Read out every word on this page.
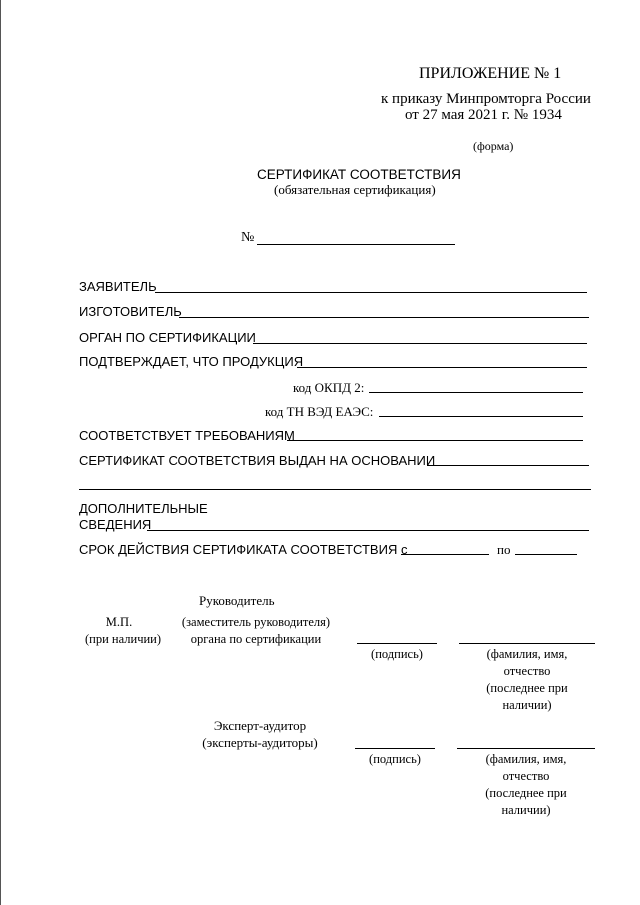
ПРИЛОЖЕНИЕ № 1
к приказу Минпромторга России
от 27 мая 2021 г. № 1934
(форма)
СЕРТИФИКАТ СООТВЕТСТВИЯ
(обязательная сертификация)
№
ЗАЯВИТЕЛЬ
ИЗГОТОВИТЕЛЬ
ОРГАН ПО СЕРТИФИКАЦИИ
ПОДТВЕРЖДАЕТ, ЧТО ПРОДУКЦИЯ
код ОКПД 2:
код ТН ВЭД ЕАЭС:
СООТВЕТСТВУЕТ ТРЕБОВАНИЯМ
СЕРТИФИКАТ СООТВЕТСТВИЯ ВЫДАН НА ОСНОВАНИИ
ДОПОЛНИТЕЛЬНЫЕ
СВЕДЕНИЯ
СРОК ДЕЙСТВИЯ СЕРТИФИКАТА СООТВЕТСТВИЯ с	по
Руководитель
М.П.
(при наличии)
(заместитель руководителя)
органа по сертификации
(подпись)	(фамилия, имя,
отчество
(последнее при
наличии)
Эксперт-аудитор
(эксперты-аудиторы)
(подпись)	(фамилия, имя,
отчество
(последнее при
наличии)
